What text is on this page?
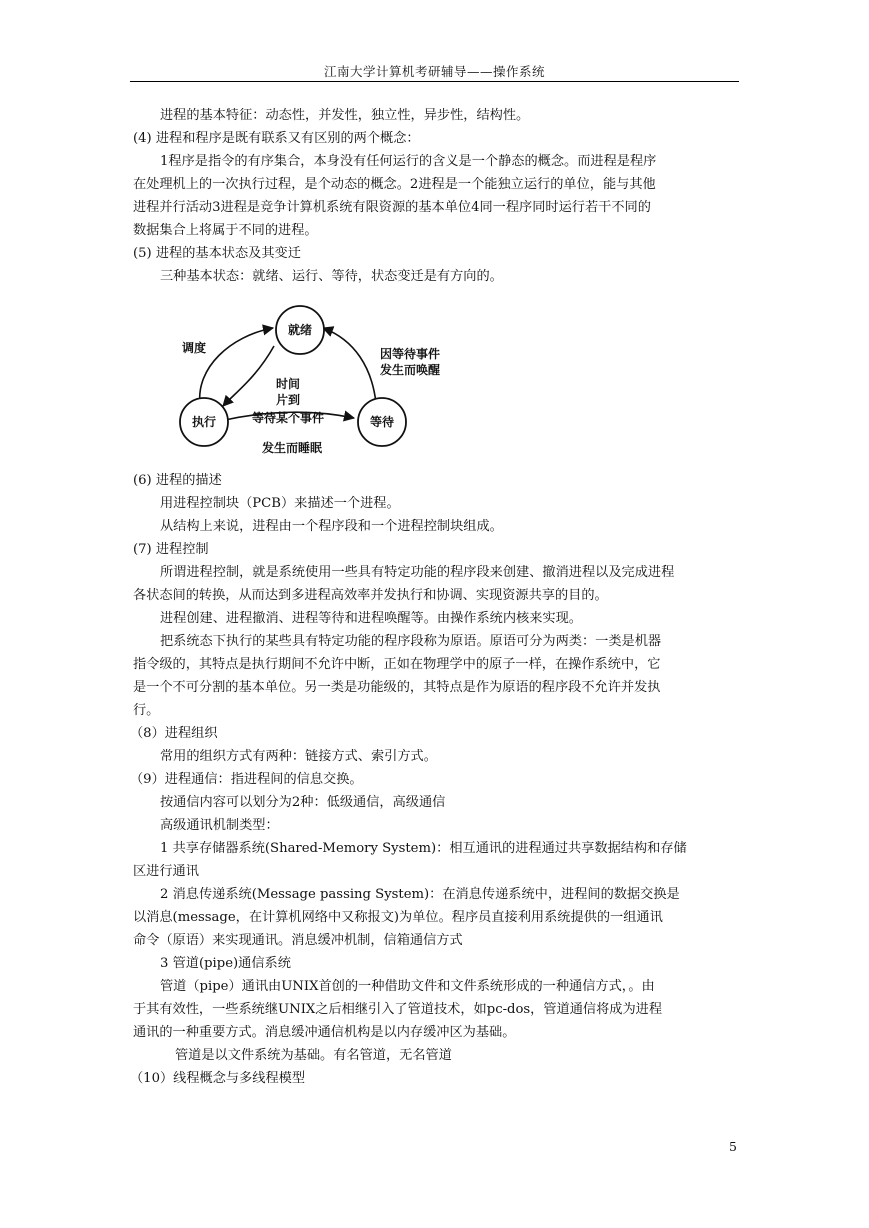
江南大学计算机考研辅导——操作系统
进程的基本特征：动态性，并发性，独立性，异步性，结构性。
(4) 进程和程序是既有联系又有区别的两个概念：
1程序是指令的有序集合，本身没有任何运行的含义是一个静态的概念。而进程是程序
在处理机上的一次执行过程，是个动态的概念。2进程是一个能独立运行的单位，能与其他
进程并行活动3进程是竞争计算机系统有限资源的基本单位4同一程序同时运行若干不同的
数据集合上将属于不同的进程。
(5) 进程的基本状态及其变迁
三种基本状态：就绪、运行、等待，状态变迁是有方向的。
就绪
执行	等待
调度
时间
片到
等待某个事件
发生而睡眠
因等待事件
发生而唤醒
(6) 进程的描述
用进程控制块（PCB）来描述一个进程。
从结构上来说，进程由一个程序段和一个进程控制块组成。
(7) 进程控制
所谓进程控制，就是系统使用一些具有特定功能的程序段来创建、撤消进程以及完成进程
各状态间的转换，从而达到多进程高效率并发执行和协调、实现资源共享的目的。
进程创建、进程撤消、进程等待和进程唤醒等。由操作系统内核来实现。
把系统态下执行的某些具有特定功能的程序段称为原语。原语可分为两类：一类是机器
指令级的，其特点是执行期间不允许中断，正如在物理学中的原子一样，在操作系统中，它
是一个不可分割的基本单位。另一类是功能级的，其特点是作为原语的程序段不允许并发执
行。
（8）进程组织
常用的组织方式有两种：链接方式、索引方式。
（9）进程通信：指进程间的信息交换。
按通信内容可以划分为2种：低级通信，高级通信
高级通讯机制类型：
1 共享存储器系统(Shared-Memory System)：相互通讯的进程通过共享数据结构和存储
区进行通讯
2 消息传递系统(Message passing System)：在消息传递系统中，进程间的数据交换是
以消息(message，在计算机网络中又称报文)为单位。程序员直接利用系统提供的一组通讯
命令（原语）来实现通讯。消息缓冲机制，信箱通信方式
3 管道(pipe)通信系统
管道（pipe）通讯由UNIX首创的一种借助文件和文件系统形成的一种通信方式，。由
于其有效性，一些系统继UNIX之后相继引入了管道技术，如pc-dos，管道通信将成为进程
通讯的一种重要方式。消息缓冲通信机构是以内存缓冲区为基础。
管道是以文件系统为基础。有名管道，无名管道
（10）线程概念与多线程模型
5
